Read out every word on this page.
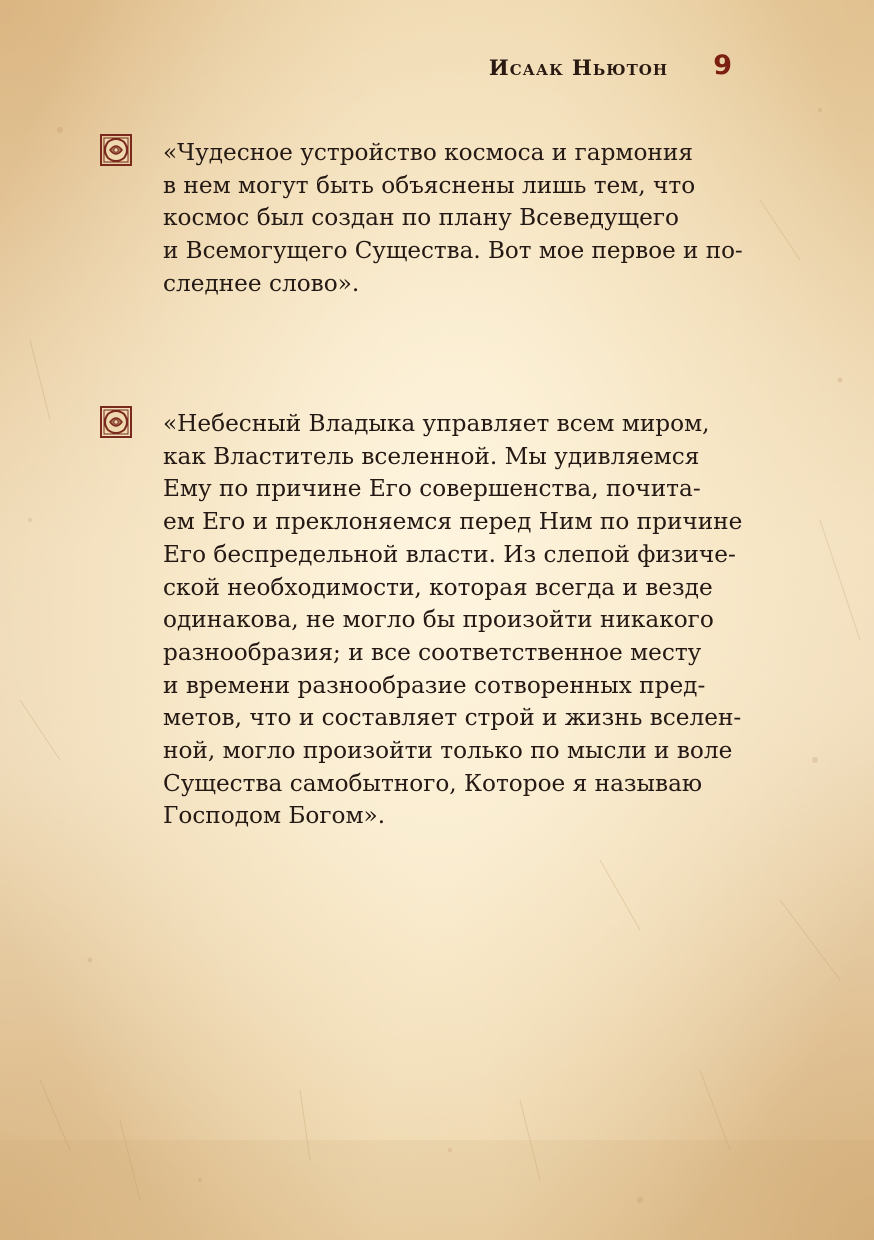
Исаак Ньютон 9
«Чудесное устройство космоса и гармония
в нем могут быть объяснены лишь тем, что
космос был создан по плану Всеведущего
и Всемогущего Существа. Вот мое первое и по-
следнее слово».
«Небесный Владыка управляет всем миром,
как Властитель вселенной. Мы удивляемся
Ему по причине Его совершенства, почита-
ем Его и преклоняемся перед Ним по причине
Его беспредельной власти. Из слепой физиче-
ской необходимости, которая всегда и везде
одинакова, не могло бы произойти никакого
разнообразия; и все соответственное месту
и времени разнообразие сотворенных пред-
метов, что и составляет строй и жизнь вселен-
ной, могло произойти только по мысли и воле
Существа самобытного, Которое я называю
Господом Богом».
